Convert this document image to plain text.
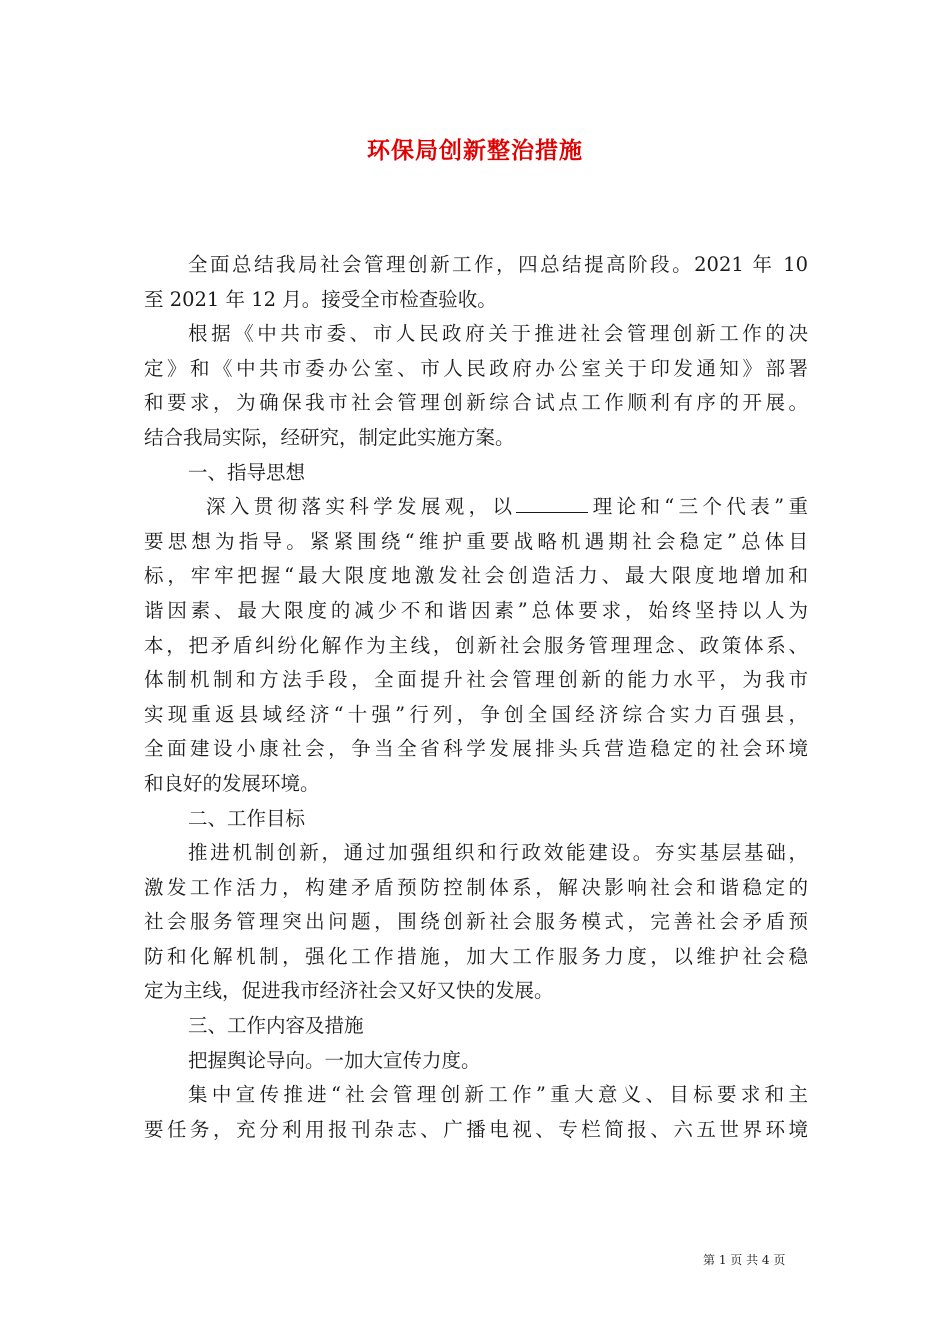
环保局创新整治措施
全面总结我局社会管理创新工作，四总结提高阶段。2021 年 10
至 2021 年 12 月。接受全市检查验收。
根据《中共市委、市人民政府关于推进社会管理创新工作的决
定》和《中共市委办公室、市人民政府办公室关于印发通知》部署
和要求，为确保我市社会管理创新综合试点工作顺利有序的开展。
结合我局实际，经研究，制定此实施方案。
一、指导思想
深入贯彻落实科学发展观，以	理论和“三个代表”重
要思想为指导。紧紧围绕“维护重要战略机遇期社会稳定”总体目
标，牢牢把握“最大限度地激发社会创造活力、最大限度地增加和
谐因素、最大限度的减少不和谐因素”总体要求，始终坚持以人为
本，把矛盾纠纷化解作为主线，创新社会服务管理理念、政策体系、
体制机制和方法手段，全面提升社会管理创新的能力水平，为我市
实现重返县域经济“十强”行列，争创全国经济综合实力百强县，
全面建设小康社会，争当全省科学发展排头兵营造稳定的社会环境
和良好的发展环境。
二、工作目标
推进机制创新，通过加强组织和行政效能建设。夯实基层基础，
激发工作活力，构建矛盾预防控制体系，解决影响社会和谐稳定的
社会服务管理突出问题，围绕创新社会服务模式，完善社会矛盾预
防和化解机制，强化工作措施，加大工作服务力度，以维护社会稳
定为主线，促进我市经济社会又好又快的发展。
三、工作内容及措施
把握舆论导向。一加大宣传力度。
集中宣传推进“社会管理创新工作”重大意义、目标要求和主
要任务，充分利用报刊杂志、广播电视、专栏简报、六五世界环境
第 1 页 共 4 页
